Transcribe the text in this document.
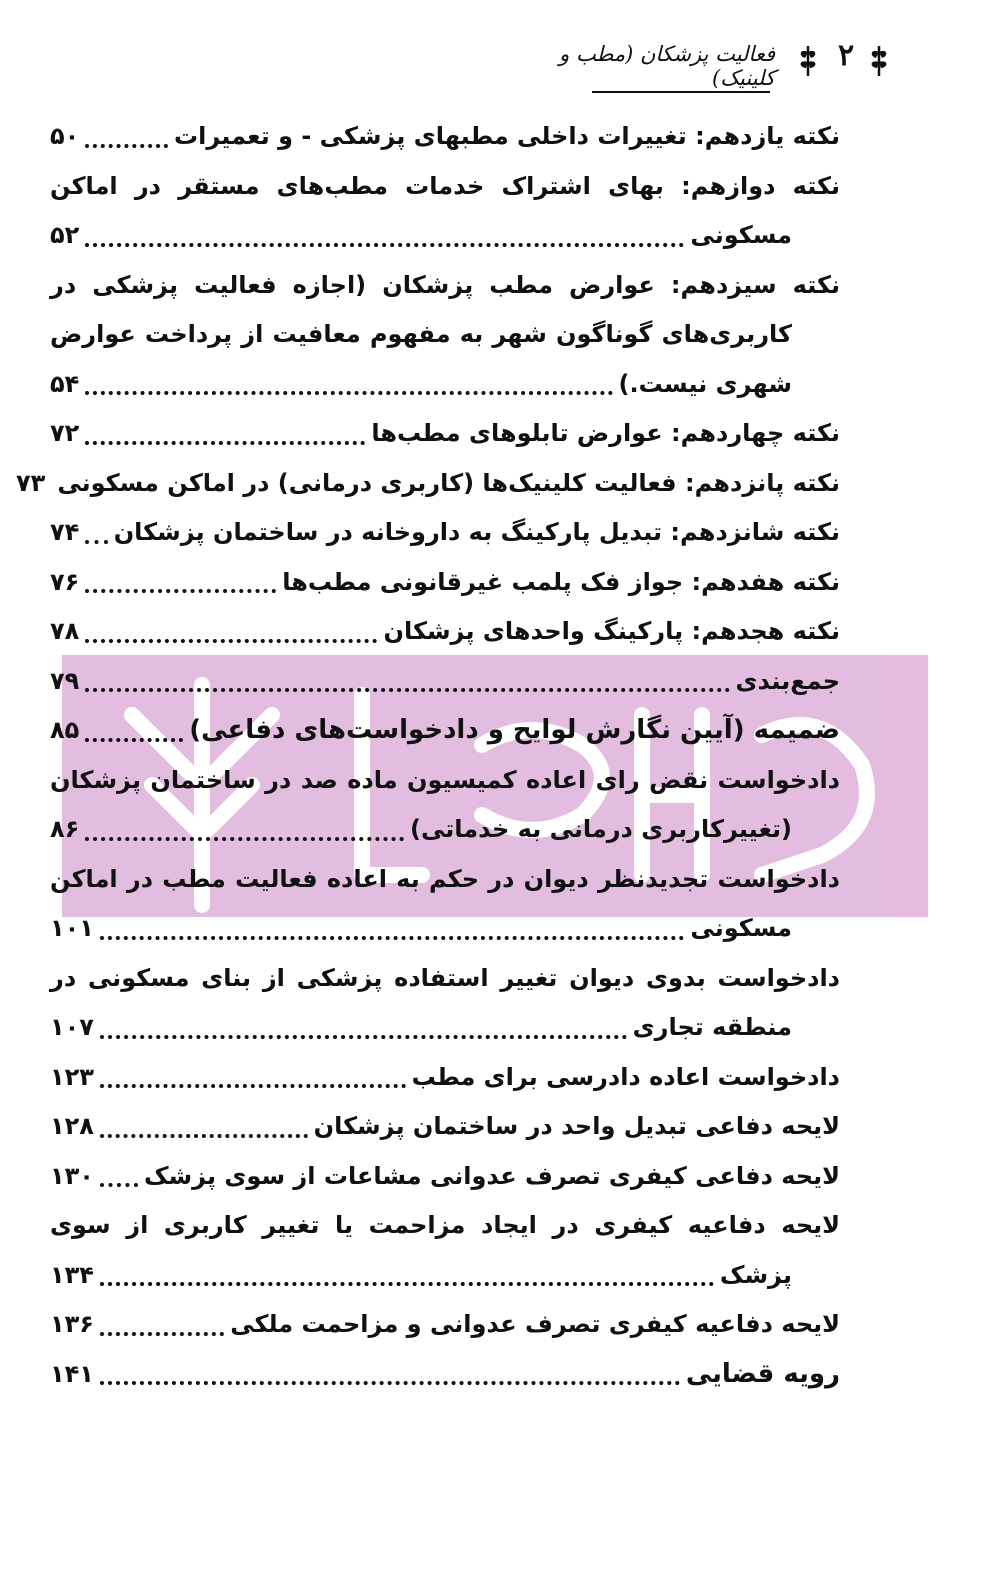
۲
فعالیت پزشکان (مطب و کلینیک)
نکته یازدهم: تغییرات داخلی مطبهای پزشکی - و تعمیرات
۵۰
نکته دوازهم: بهای اشتراک خدمات مطب‌های مستقر در اماکن
مسکونی
۵۲
نکته سیزدهم: عوارض مطب پزشکان (اجازه فعالیت پزشکی در
کاربری‌های گوناگون شهر به مفهوم معافیت از پرداخت عوارض
شهری نیست.)
۵۴
نکته چهاردهم: عوارض تابلوهای مطب‌ها
۷۲
نکته پانزدهم: فعالیت کلینیک‌ها (کاربری درمانی) در اماکن مسکونی
۷۳
نکته شانزدهم: تبدیل پارکینگ به داروخانه در ساختمان پزشکان
۷۴
نکته هفدهم: جواز فک پلمب غیرقانونی مطب‌ها
۷۶
نکته هجدهم: پارکینگ واحدهای پزشکان
۷۸
جمع‌بندی
۷۹
ضمیمه (آیین نگارش لوایح و دادخواست‌های دفاعی)
۸۵
دادخواست نقض رای اعاده کمیسیون ماده صد در ساختمان پزشکان
(تغییرکاربری درمانی به خدماتی)
۸۶
دادخواست تجدیدنظر دیوان در حکم به اعاده فعالیت مطب در اماکن
مسکونی
۱۰۱
دادخواست بدوی دیوان تغییر استفاده پزشکی از بنای مسکونی در
منطقه تجاری
۱۰۷
دادخواست اعاده دادرسی برای مطب
۱۲۳
لایحه دفاعی تبدیل واحد در ساختمان پزشکان
۱۲۸
لایحه دفاعی کیفری تصرف عدوانی مشاعات از سوی پزشک
۱۳۰
لایحه دفاعیه کیفری در ایجاد مزاحمت یا تغییر کاربری از سوی
پزشک
۱۳۴
لایحه دفاعیه کیفری تصرف عدوانی و مزاحمت ملکی
۱۳۶
رویه قضایی
۱۴۱
